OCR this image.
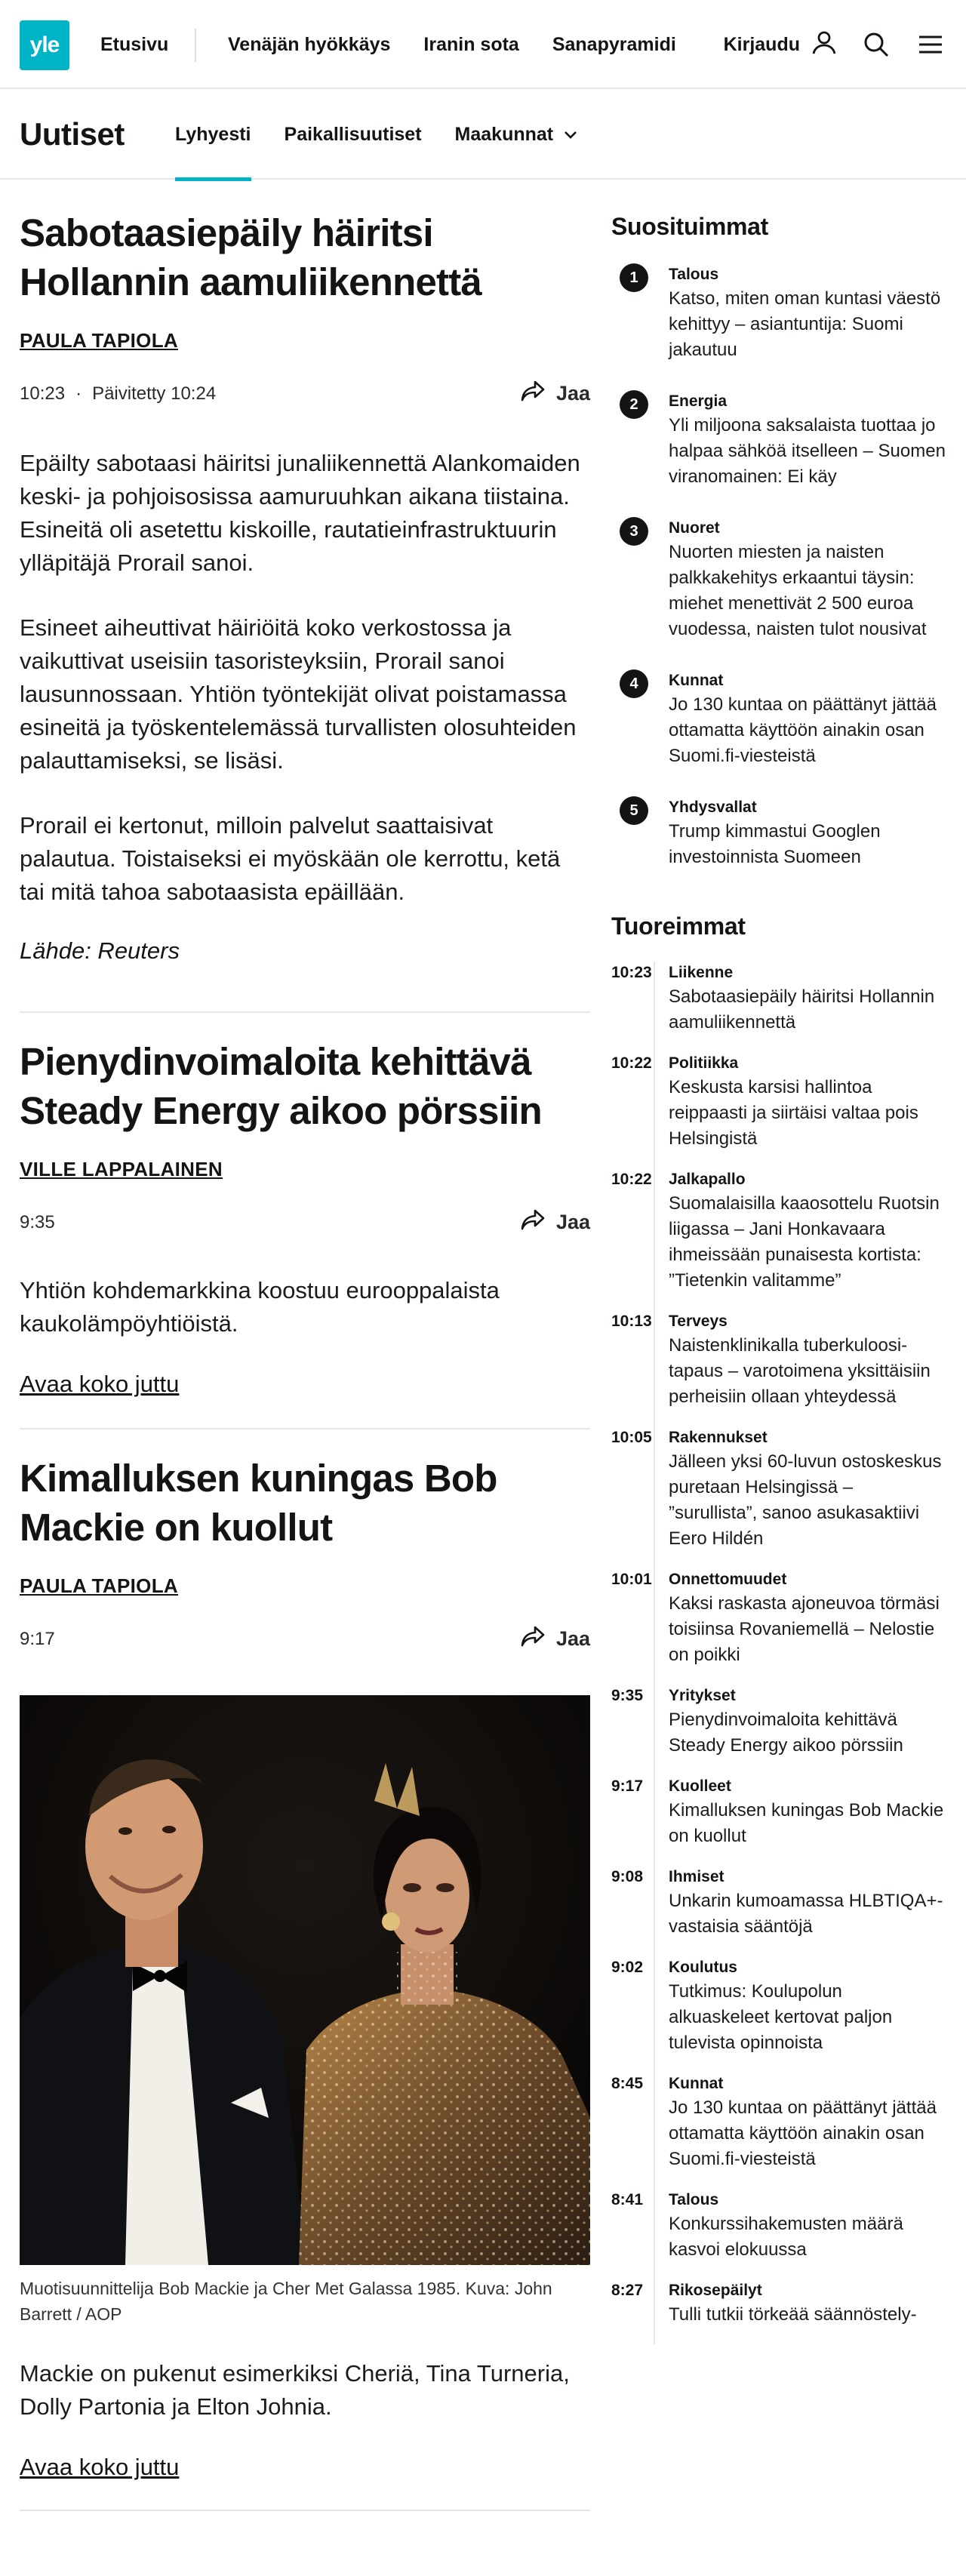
yle	Etusivu	Venäjän hyökkäys Iranin sota Sanapyramidi	Kirjaudu
Uutiset	Lyhyesti Paikallisuutiset Maakunnat
Sabotaasiepäily häiritsi Hollannin aamuliikennettä
PAULA TAPIOLA
10:23 · Päivitetty 10:24	Jaa

Epäilty sabotaasi häiritsi junaliikennettä Alankomaiden keski- ja pohjoisosissa aamuruuhkan aikana tiistaina. Esineitä oli asetettu kiskoille, rautatieinfrastruktuurin ylläpitäjä Prorail sanoi.

Esineet aiheuttivat häiriöitä koko verkostossa ja vaikuttivat useisiin tasoristeyksiin, Prorail sanoi lausunnossaan. Yhtiön työntekijät olivat poistamassa esineitä ja työskentelemässä turvallisten olosuhteiden palauttamiseksi, se lisäsi.

Prorail ei kertonut, milloin palvelut saattaisivat palautua. Toistaiseksi ei myöskään ole kerrottu, ketä tai mitä tahoa sabotaasista epäillään.

Lähde: Reuters
Pienydinvoimaloita kehittävä Steady Energy aikoo pörssiin
VILLE LAPPALAINEN
9:35	Jaa

Yhtiön kohdemarkkina koostuu eurooppalaista kaukolämpöyhtiöistä.

Avaa koko juttu
Kimalluksen kuningas Bob Mackie on kuollut
PAULA TAPIOLA
9:17	Jaa
Muotisuunnittelija Bob Mackie ja Cher Met Galassa 1985. Kuva: John Barrett / AOP

Mackie on pukenut esimerkiksi Cheriä, Tina Turneria, Dolly Partonia ja Elton Johnia.

Avaa koko juttu
Suosituimmat
1	Talous
Katso, miten oman kuntasi väestö kehittyy – asiantuntija: Suomi jakautuu
2	Energia
Yli miljoona saksalaista tuottaa jo halpaa sähköä itselleen – Suomen viranomainen: Ei käy
3	Nuoret
Nuorten miesten ja naisten palkkakehitys erkaantui täysin: miehet menettivät 2 500 euroa vuodessa, naisten tulot nousivat
4	Kunnat
Jo 130 kuntaa on päättänyt jättää ottamatta käyttöön ainakin osan Suomi.fi-viesteistä
5	Yhdysvallat
Trump kimmastui Googlen investoinnista Suomeen
Tuoreimmat
10:23 Liikenne
Sabotaasiepäily häiritsi Hollannin aamuliikennettä
10:22 Politiikka
Keskusta karsisi hallintoa reippaasti ja siirtäisi valtaa pois Helsingistä
10:22 Jalkapallo
Suomalaisilla kaaosottelu Ruotsin liigassa – Jani Honkavaara ihmeissään punaisesta kortista: ”Tietenkin valitamme”
10:13 Terveys
Naistenklinikalla tuberkuloosi-tapaus – varotoimena yksittäisiin perheisiin ollaan yhteydessä
10:05 Rakennukset
Jälleen yksi 60-luvun ostoskeskus puretaan Helsingissä – ”surullista”, sanoo asukasaktiivi Eero Hildén
10:01 Onnettomuudet
Kaksi raskasta ajoneuvoa törmäsi toisiinsa Rovaniemellä – Nelostie on poikki
9:35 Yritykset
Pienydinvoimaloita kehittävä Steady Energy aikoo pörssiin
9:17 Kuolleet
Kimalluksen kuningas Bob Mackie on kuollut
9:08 Ihmiset
Unkarin kumoamassa HLBTIQA+-vastaisia sääntöjä
9:02 Koulutus
Tutkimus: Koulupolun alkuaskeleet kertovat paljon tulevista opinnoista
8:45 Kunnat
Jo 130 kuntaa on päättänyt jättää ottamatta käyttöön ainakin osan Suomi.fi-viesteistä
8:41 Talous
Konkurssihakemusten määrä kasvoi elokuussa
8:27 Rikosepäilyt
Tulli tutkii törkeää säännöstely-
